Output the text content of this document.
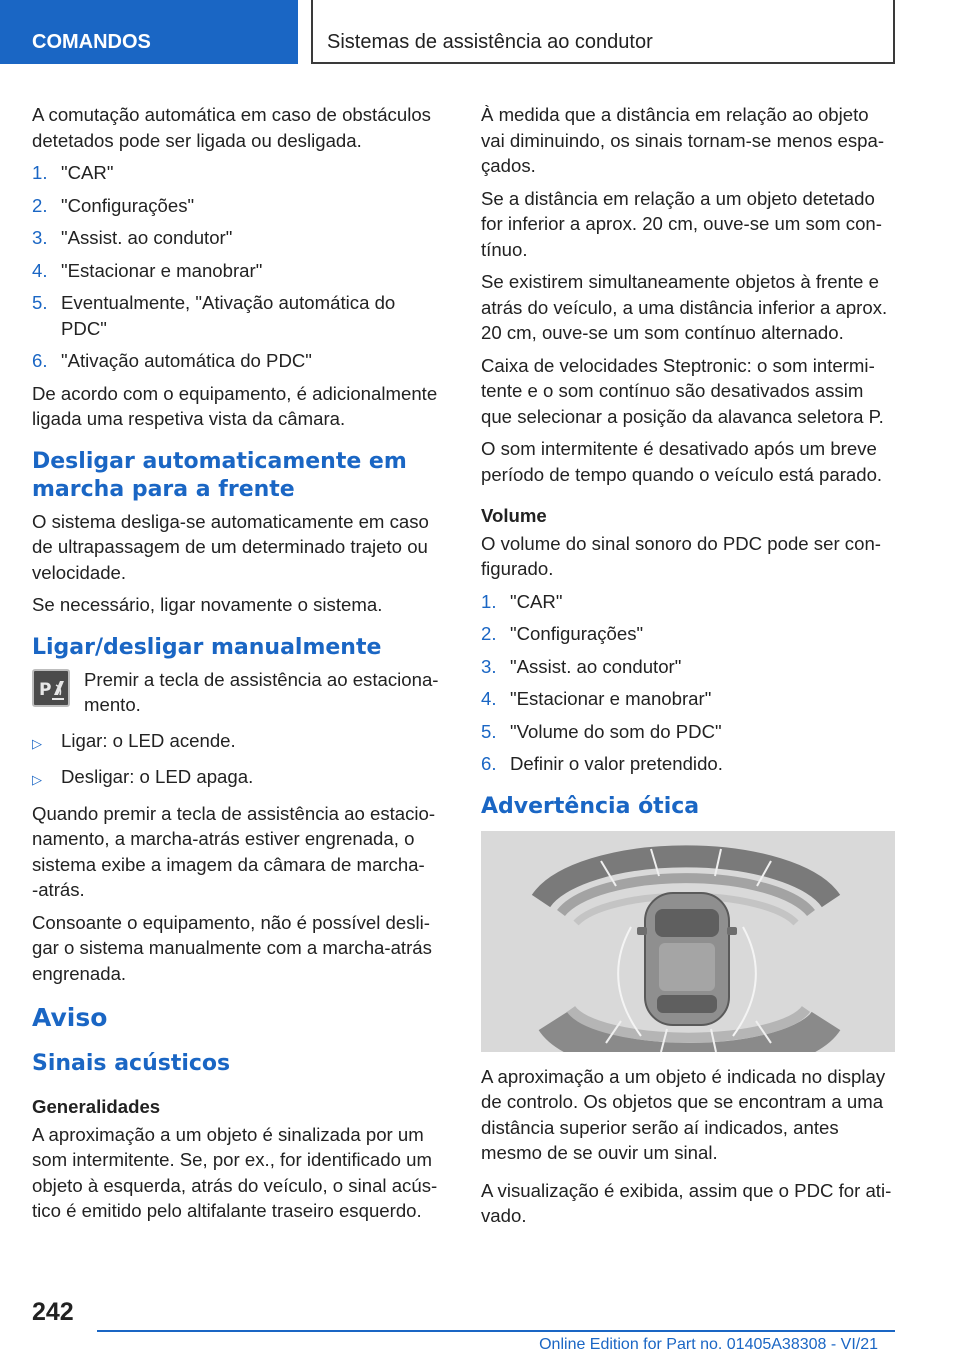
COMANDOS	Sistemas de assistência ao condutor

A comutação automática em caso de obstáculos detetados pode ser ligada ou desligada.

1. "CAR"
2. "Configurações"
3. "Assist. ao condutor"
4. "Estacionar e manobrar"
5. Eventualmente, "Ativação automática do PDC"
6. "Ativação automática do PDC"

De acordo com o equipamento, é adicionalmente ligada uma respetiva vista da câmara.

Desligar automaticamente em marcha para a frente

O sistema desliga-se automaticamente em caso de ultrapassagem de um determinado trajeto ou velocidade.

Se necessário, ligar novamente o sistema.

Ligar/desligar manualmente
P Premir a tecla de assistência ao estacionamento.
▷	Ligar: o LED acende.
▷	Desligar: o LED apaga.

Quando premir a tecla de assistência ao estacionamento, a marcha-atrás estiver engrenada, o sistema exibe a imagem da câmara de marcha-‑atrás.

Consoante o equipamento, não é possível desligar o sistema manualmente com a marcha-atrás engrenada.

Aviso
Sinais acústicos
Generalidades

A aproximação a um objeto é sinalizada por um som intermitente. Se, por ex., for identificado um objeto à esquerda, atrás do veículo, o sinal acústico é emitido pelo altifalante traseiro esquerdo.

À medida que a distância em relação ao objeto vai diminuindo, os sinais tornam-se menos espaçados.

Se a distância em relação a um objeto detetado for inferior a aprox. 20 cm, ouve-se um som contínuo.

Se existirem simultaneamente objetos à frente e atrás do veículo, a uma distância inferior a aprox. 20 cm, ouve-se um som contínuo alternado.

Caixa de velocidades Steptronic: o som intermitente e o som contínuo são desativados assim que selecionar a posição da alavanca seletora P.

O som intermitente é desativado após um breve período de tempo quando o veículo está parado.

Volume

O volume do sinal sonoro do PDC pode ser configurado.

1. "CAR"
2. "Configurações"
3. "Assist. ao condutor"
4. "Estacionar e manobrar"
5. "Volume do som do PDC"
6. Definir o valor pretendido.
Advertência ótica

A aproximação a um objeto é indicada no display de controlo. Os objetos que se encontram a uma distância superior serão aí indicados, antes mesmo de se ouvir um sinal.

A visualização é exibida, assim que o PDC for ativado.

242
Online Edition for Part no. 01405A38308 - VI/21
